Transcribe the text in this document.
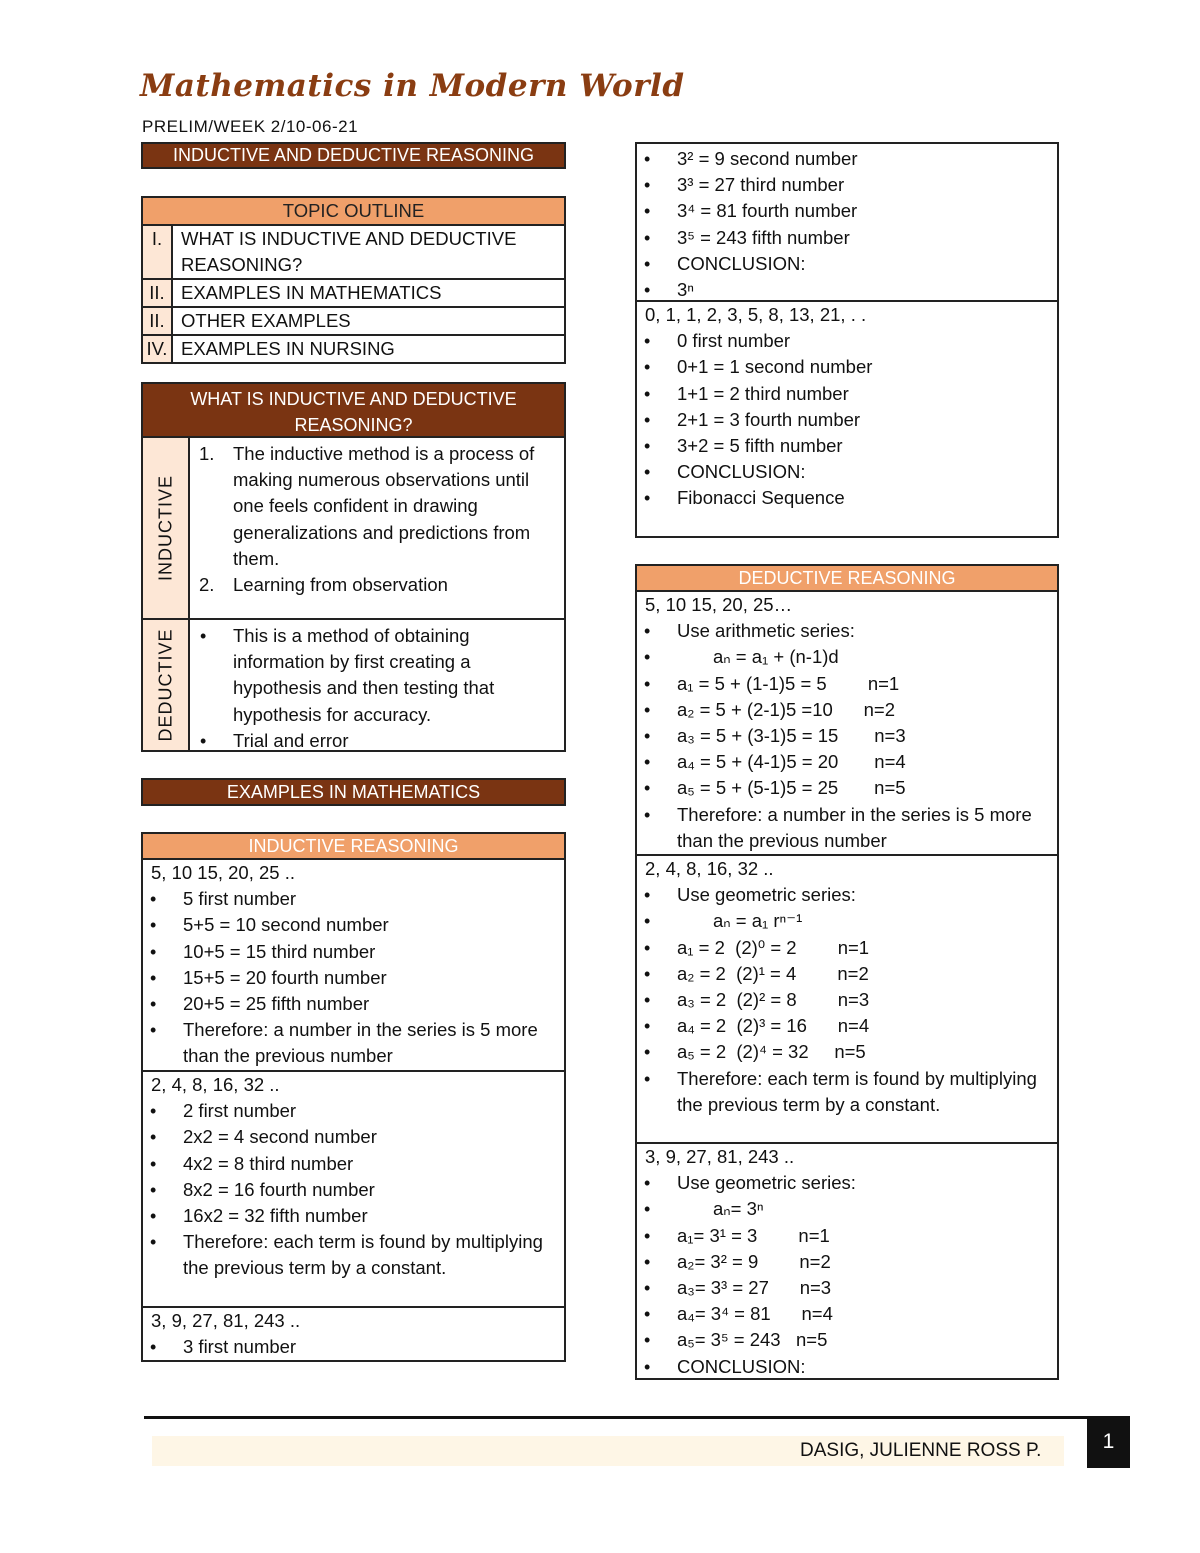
Mathematics in Modern World
PRELIM/WEEK 2/10-06-21
INDUCTIVE AND DEDUCTIVE REASONING
TOPIC OUTLINE	
I.	WHAT IS INDUCTIVE AND DEDUCTIVE REASONING?
II.	EXAMPLES IN MATHEMATICS
II.	OTHER EXAMPLES
IV.	EXAMPLES IN NURSING
WHAT IS INDUCTIVE AND DEDUCTIVE REASONING?
INDUCTIVE
1. The inductive method is a process of making numerous observations until one feels confident in drawing generalizations and predictions from them.
2. Learning from observation
DEDUCTIVE	• This is a method of obtaining information by first creating a hypothesis and then testing that hypothesis for accuracy.
• Trial and error
EXAMPLES IN MATHEMATICS
INDUCTIVE REASONING
5, 10 15, 20, 25 ..
• 5 first number
• 5+5 = 10 second number
• 10+5 = 15 third number
• 15+5 = 20 fourth number
• 20+5 = 25 fifth number
• Therefore: a number in the series is 5 more than the previous number
2, 4, 8, 16, 32 ..
• 2 first number
• 2x2 = 4 second number
• 4x2 = 8 third number
• 8x2 = 16 fourth number
• 16x2 = 32 fifth number
• Therefore: each term is found by multiplying the previous term by a constant.
3, 9, 27, 81, 243 ..
• 3 first number
• 3² = 9 second number
• 3³ = 27 third number
• 3⁴ = 81 fourth number
• 3⁵ = 243 fifth number
• CONCLUSION:
• 3ⁿ
0, 1, 1, 2, 3, 5, 8, 13, 21, . .
• 0 first number
• 0+1 = 1 second number
• 1+1 = 2 third number
• 2+1 = 3 fourth number
• 3+2 = 5 fifth number
• CONCLUSION:
• Fibonacci Sequence
DEDUCTIVE REASONING
5, 10 15, 20, 25…
• Use arithmetic series:
•        aₙ = a₁ + (n-1)d
• a₁ = 5 + (1-1)5 = 5        n=1
• a₂ = 5 + (2-1)5 =10      n=2
• a₃ = 5 + (3-1)5 = 15       n=3
• a₄ = 5 + (4-1)5 = 20       n=4
• a₅ = 5 + (5-1)5 = 25       n=5
• Therefore: a number in the series is 5 more than the previous number
2, 4, 8, 16, 32 ..
• Use geometric series:
•        aₙ = a₁ rⁿ⁻¹
• a₁ = 2  (2)⁰ = 2        n=1
• a₂ = 2  (2)¹ = 4        n=2
• a₃ = 2  (2)² = 8        n=3
• a₄ = 2  (2)³ = 16      n=4
• a₅ = 2  (2)⁴ = 32     n=5
• Therefore: each term is found by multiplying the previous term by a constant.
3, 9, 27, 81, 243 ..
• Use geometric series:
•        aₙ= 3ⁿ
• a₁= 3¹ = 3        n=1
• a₂= 3² = 9        n=2
• a₃= 3³ = 27      n=3
• a₄= 3⁴ = 81      n=4
• a₅= 3⁵ = 243   n=5
• CONCLUSION:
DASIG, JULIENNE ROSS P.	1
